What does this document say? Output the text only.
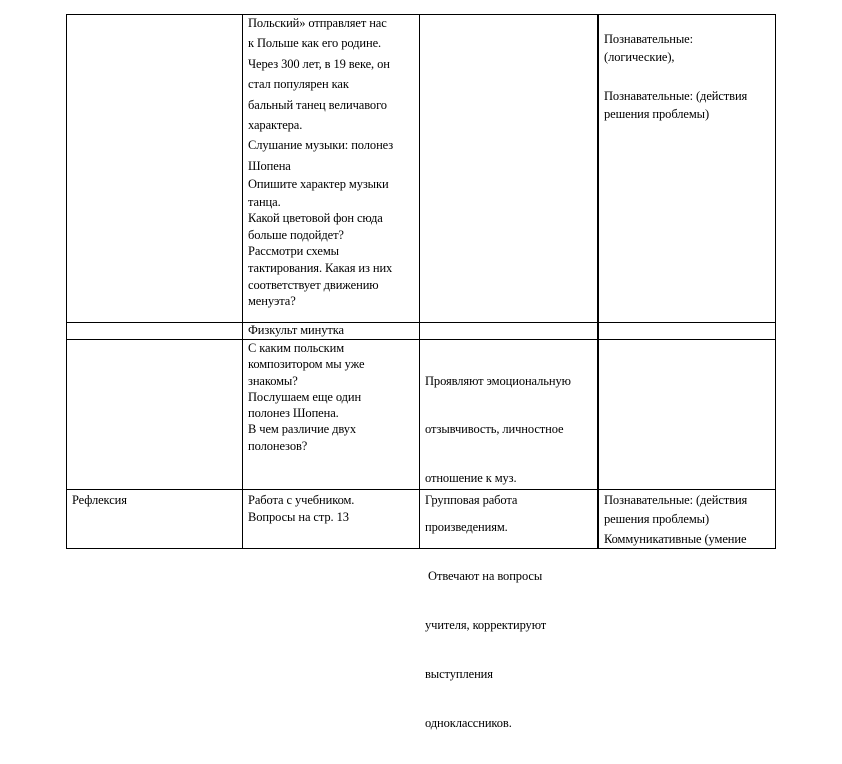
Польский» отправляет нас

к Польше как его родине.

Через 300 лет, в 19 веке, он

стал популярен как

бальный танец величавого

характера.

Слушание музыки: полонез

Шопена

Опишите характер музыки

танца.

Какой цветовой фон сюда

больше подойдет?

Рассмотри схемы

тактирования. Какая из них

соответствует движению

менуэта?

Познавательные:

(логические),

Познавательные: (действия

решения проблемы)

Физкульт минутка

С каким польским

композитором мы уже

знакомы?

Послушаем еще один

полонез Шопена.

В чем различие двух

полонезов?

Проявляют эмоциональную

отзывчивость, личностное

отношение к муз.

произведениям.

Отвечают на вопросы

учителя, корректируют

выступления

одноклассников.

Рефлексия	Работа с учебником.

Вопросы на стр. 13

Групповая работа	Познавательные: (действия

решения проблемы)

Коммуникативные (умение
